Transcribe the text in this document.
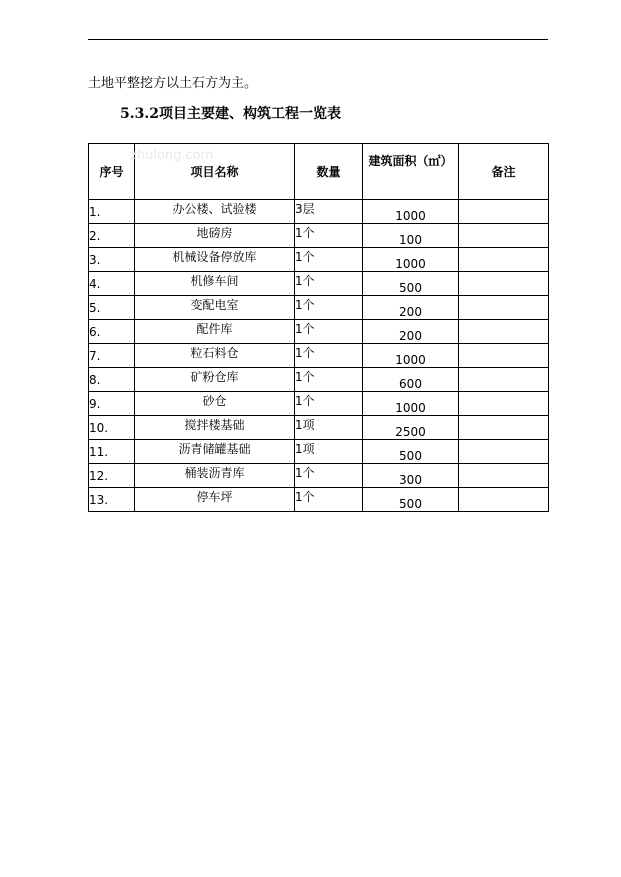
土地平整挖方以土石方为主。
5.3.2项目主要建、构筑工程一览表
序号	项目名称	数量	建筑面积（㎡）	备注
1.	办公楼、试验楼	3层	1000	
2.	地磅房	1个	100	
3.	机械设备停放库	1个	1000	
4.	机修车间	1个	500	
5.	变配电室	1个	200	
6.	配件库	1个	200	
7.	粒石料仓	1个	1000	
8.	矿粉仓库	1个	600	
9.	砂仓	1个	1000	
10.	搅拌楼基础	1项	2500	
11.	沥青储罐基础	1项	500	
12.	桶装沥青库	1个	300	
13.	停车坪	1个	500	
zhulong.com
